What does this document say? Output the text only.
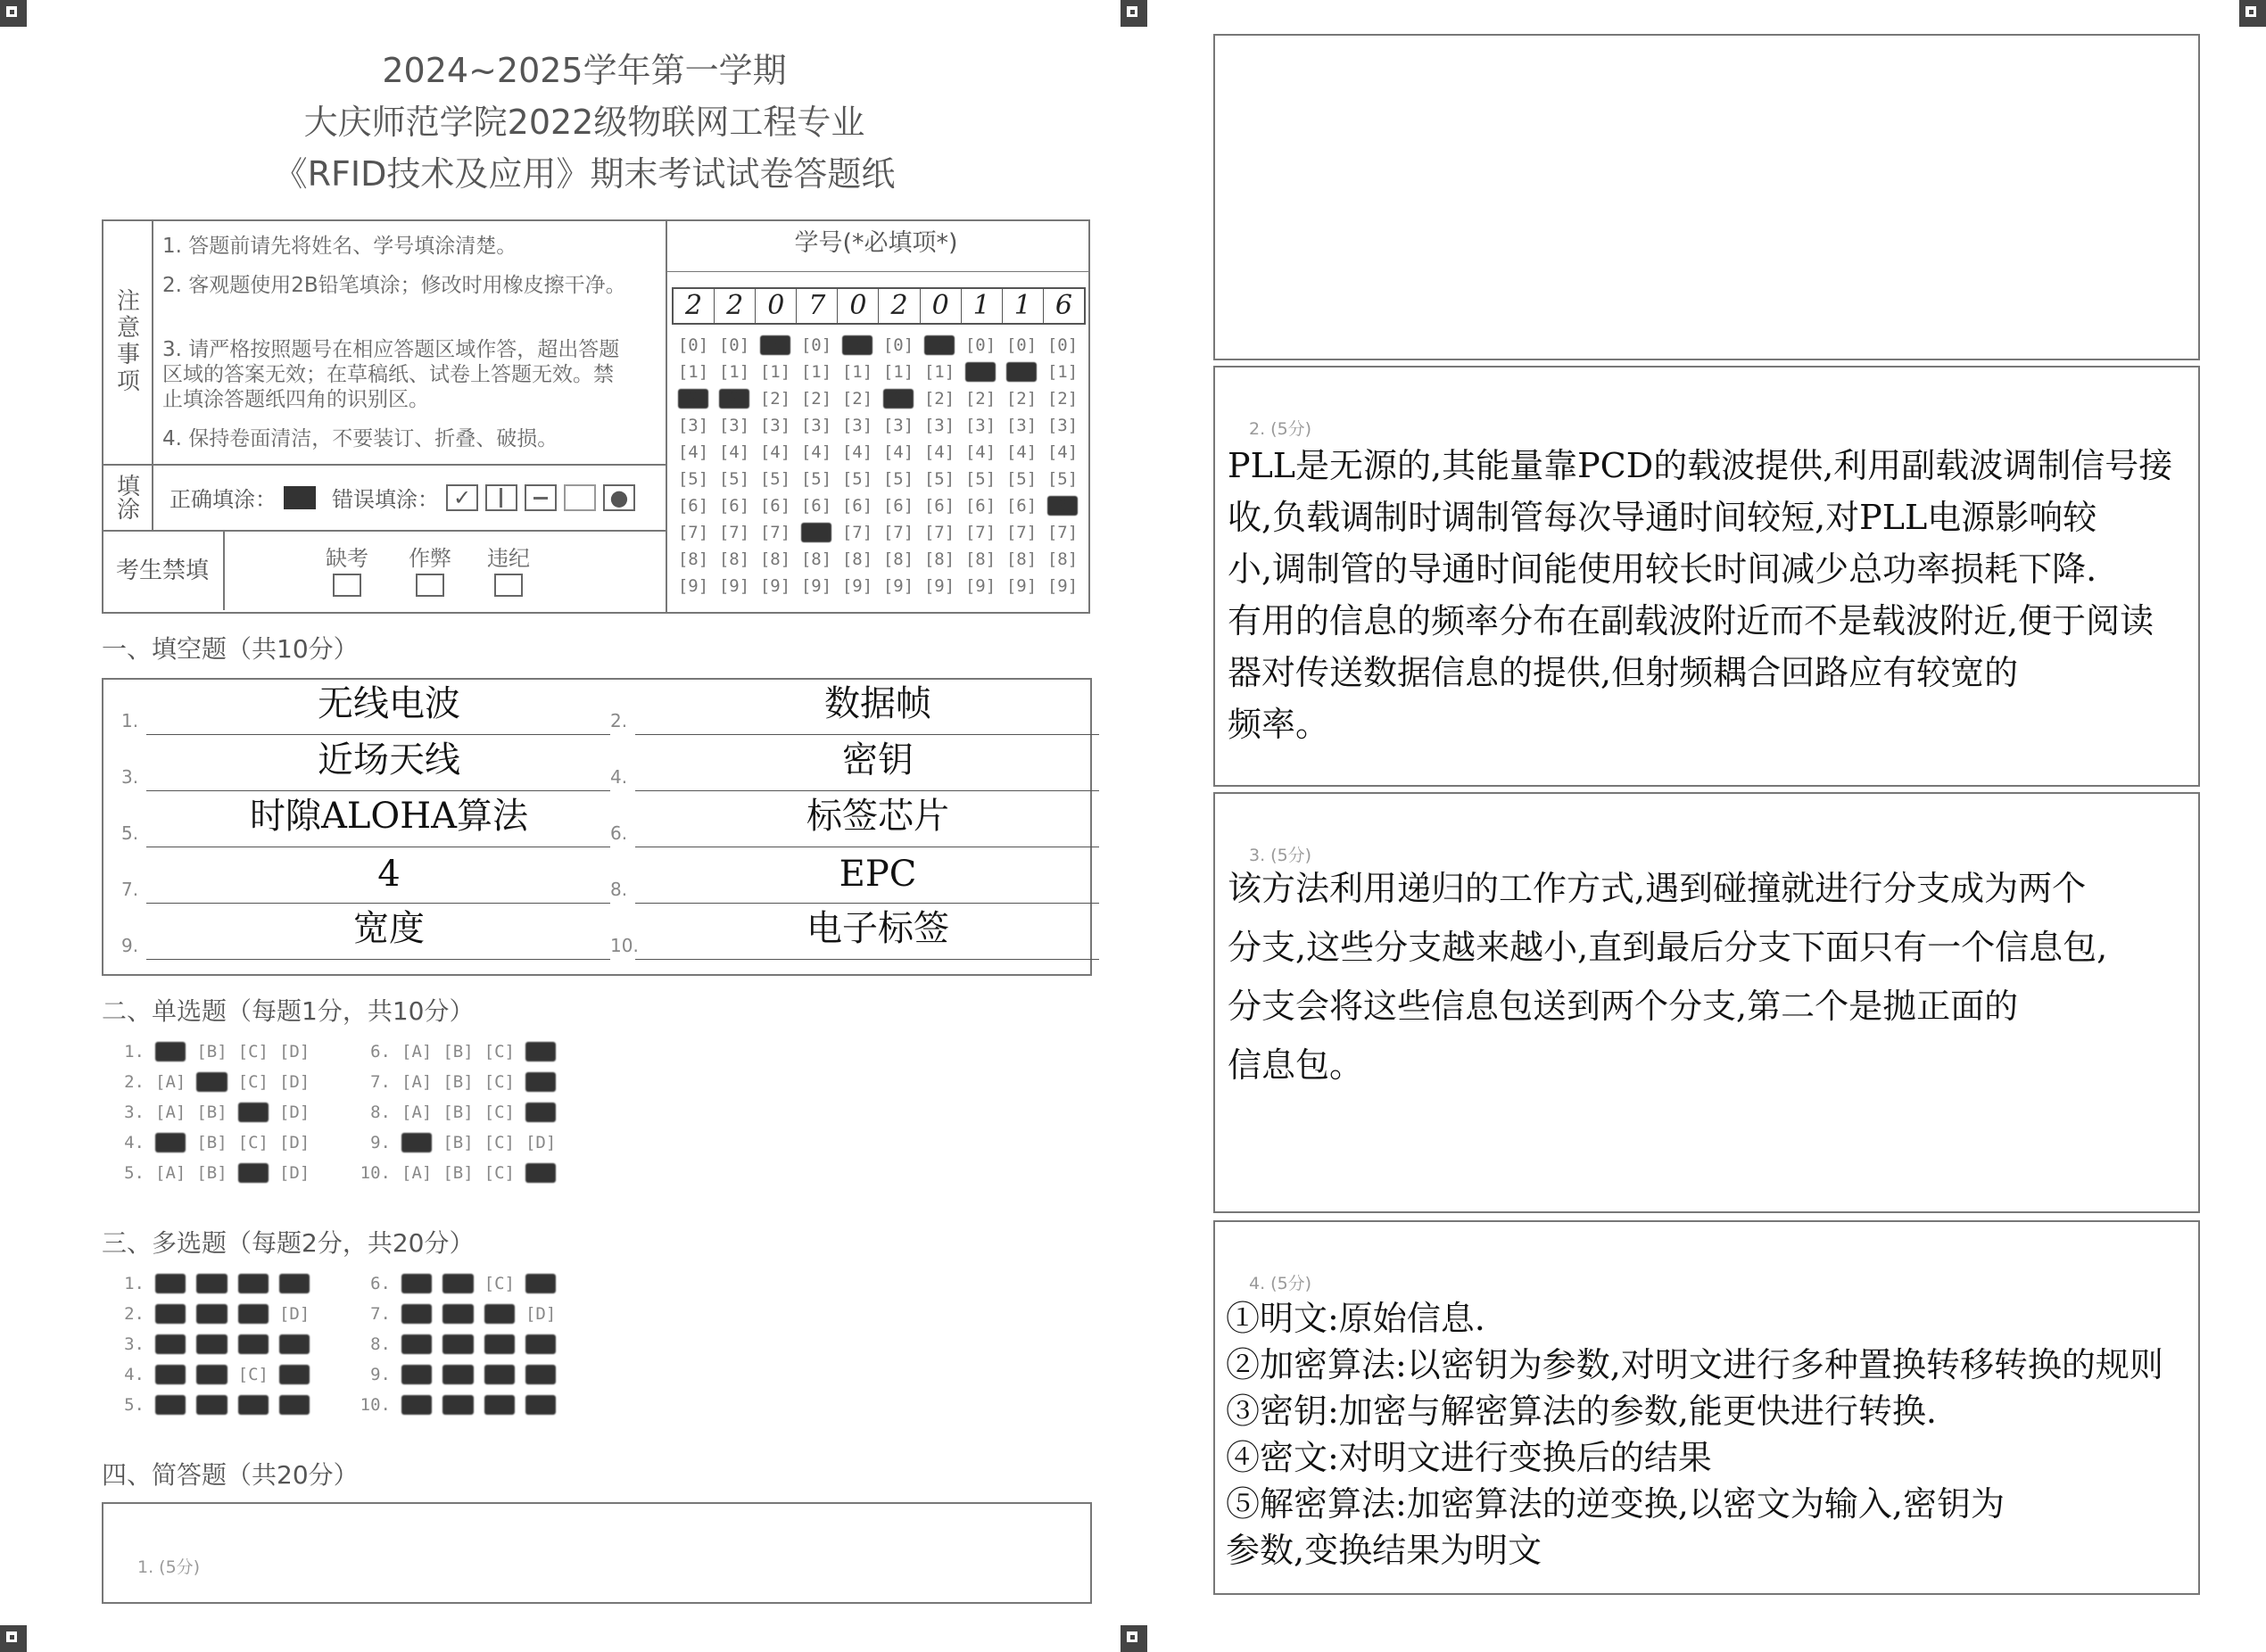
2024~2025学年第一学期
大庆师范学院2022级物联网工程专业
《RFID技术及应用》期末考试试卷答题纸
注意事项
1. 答题前请先将姓名、学号填涂清楚。
2. 客观题使用2B铅笔填涂；修改时用橡皮擦干净。
3. 请严格按照题号在相应答题区域作答，超出答题区域的答案无效；在草稿纸、试卷上答题无效。禁止填涂答题纸四角的识别区。
4. 保持卷面清洁，不要装订、折叠、破损。
填涂	正确填涂：	错误填涂： ✓	●
考生禁填	缺考 作弊 违纪
学号(*必填项*)
2 2 0 7 0 2 0 1 1 6
[0] [0] [0] [0] [0] [0] [0] [0] [0] [0]
[1] [1] [1] [1] [1] [1] [1] [1] [1] [1]
[2] [2] [2] [2] [2] [2] [2] [2] [2] [2]
[3] [3] [3] [3] [3] [3] [3] [3] [3] [3]
[4] [4] [4] [4] [4] [4] [4] [4] [4] [4]
[5] [5] [5] [5] [5] [5] [5] [5] [5] [5]
[6] [6] [6] [6] [6] [6] [6] [6] [6] [6]
[7] [7] [7] [7] [7] [7] [7] [7] [7] [7]
[8] [8] [8] [8] [8] [8] [8] [8] [8] [8]
[9] [9] [9] [9] [9] [9] [9] [9] [9] [9]
一、填空题（共10分）
1.	无线电波	2.	数据帧
3.	近场天线	4.	密钥
5.	时隙ALOHA算法	6.	标签芯片
7.	4	8.	EPC
9.	宽度	10.	电子标签
二、单选题（每题1分，共10分）
1. [A] [B] [C] [D]
2. [A] [B] [C] [D]
3. [A] [B] [C] [D]
4. [A] [B] [C] [D]
5. [A] [B] [C] [D]
6. [A] [B] [C] [D]
7. [A] [B] [C] [D]
8. [A] [B] [C] [D]
9. [A] [B] [C] [D]
10. [A] [B] [C] [D]
三、多选题（每题2分，共20分）
1. [A] [B] [C] [D]
2. [A] [B] [C] [D]
3. [A] [B] [C] [D]
4. [A] [B] [C] [D]
5. [A] [B] [C] [D]
6. [A] [B] [C] [D]
7. [A] [B] [C] [D]
8. [A] [B] [C] [D]
9. [A] [B] [C] [D]
10. [A] [B] [C] [D]
四、简答题（共20分）
1. (5分)
2. (5分)
PLL是无源的,其能量靠PCD的载波提供,利用副载波调制信号接
收,负载调制时调制管每次导通时间较短,对PLL电源影响较
小,调制管的导通时间能使用较长时间减少总功率损耗下降.
有用的信息的频率分布在副载波附近而不是载波附近,便于阅读
器对传送数据信息的提供,但射频耦合回路应有较宽的
频率。
3. (5分)
该方法利用递归的工作方式,遇到碰撞就进行分支成为两个
分支,这些分支越来越小,直到最后分支下面只有一个信息包,
分支会将这些信息包送到两个分支,第二个是拋正面的
信息包。
4. (5分)
①明文:原始信息.
②加密算法:以密钥为参数,对明文进行多种置换转移转换的规则
③密钥:加密与解密算法的参数,能更快进行转换.
④密文:对明文进行变换后的结果
⑤解密算法:加密算法的逆变换,以密文为输入,密钥为
参数,变换结果为明文
